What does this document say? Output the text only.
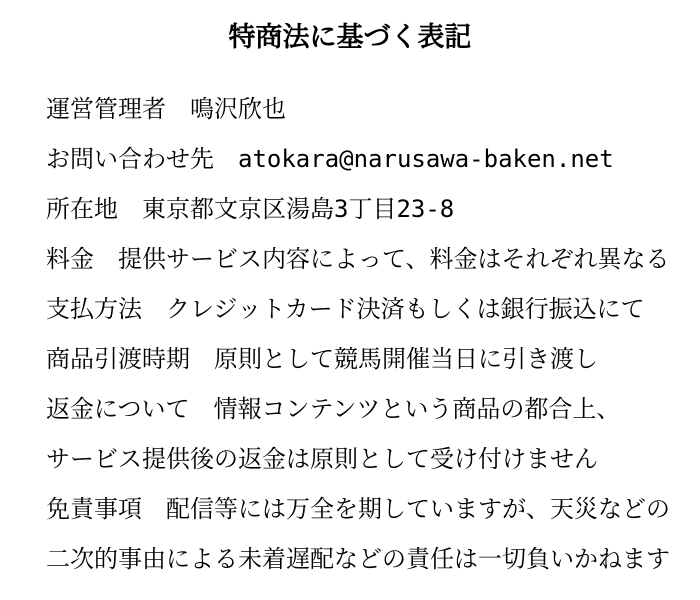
特商法に基づく表記
運営管理者　鳴沢欣也
お問い合わせ先　atokara@narusawa-baken.net
所在地　東京都文京区湯島3丁目23-8
料金　提供サービス内容によって、料金はそれぞれ異なる
支払方法　クレジットカード決済もしくは銀行振込にて
商品引渡時期　原則として競馬開催当日に引き渡し
返金について　情報コンテンツという商品の都合上、
サービス提供後の返金は原則として受け付けません
免責事項　配信等には万全を期していますが、天災などの
二次的事由による未着遅配などの責任は一切負いかねます
